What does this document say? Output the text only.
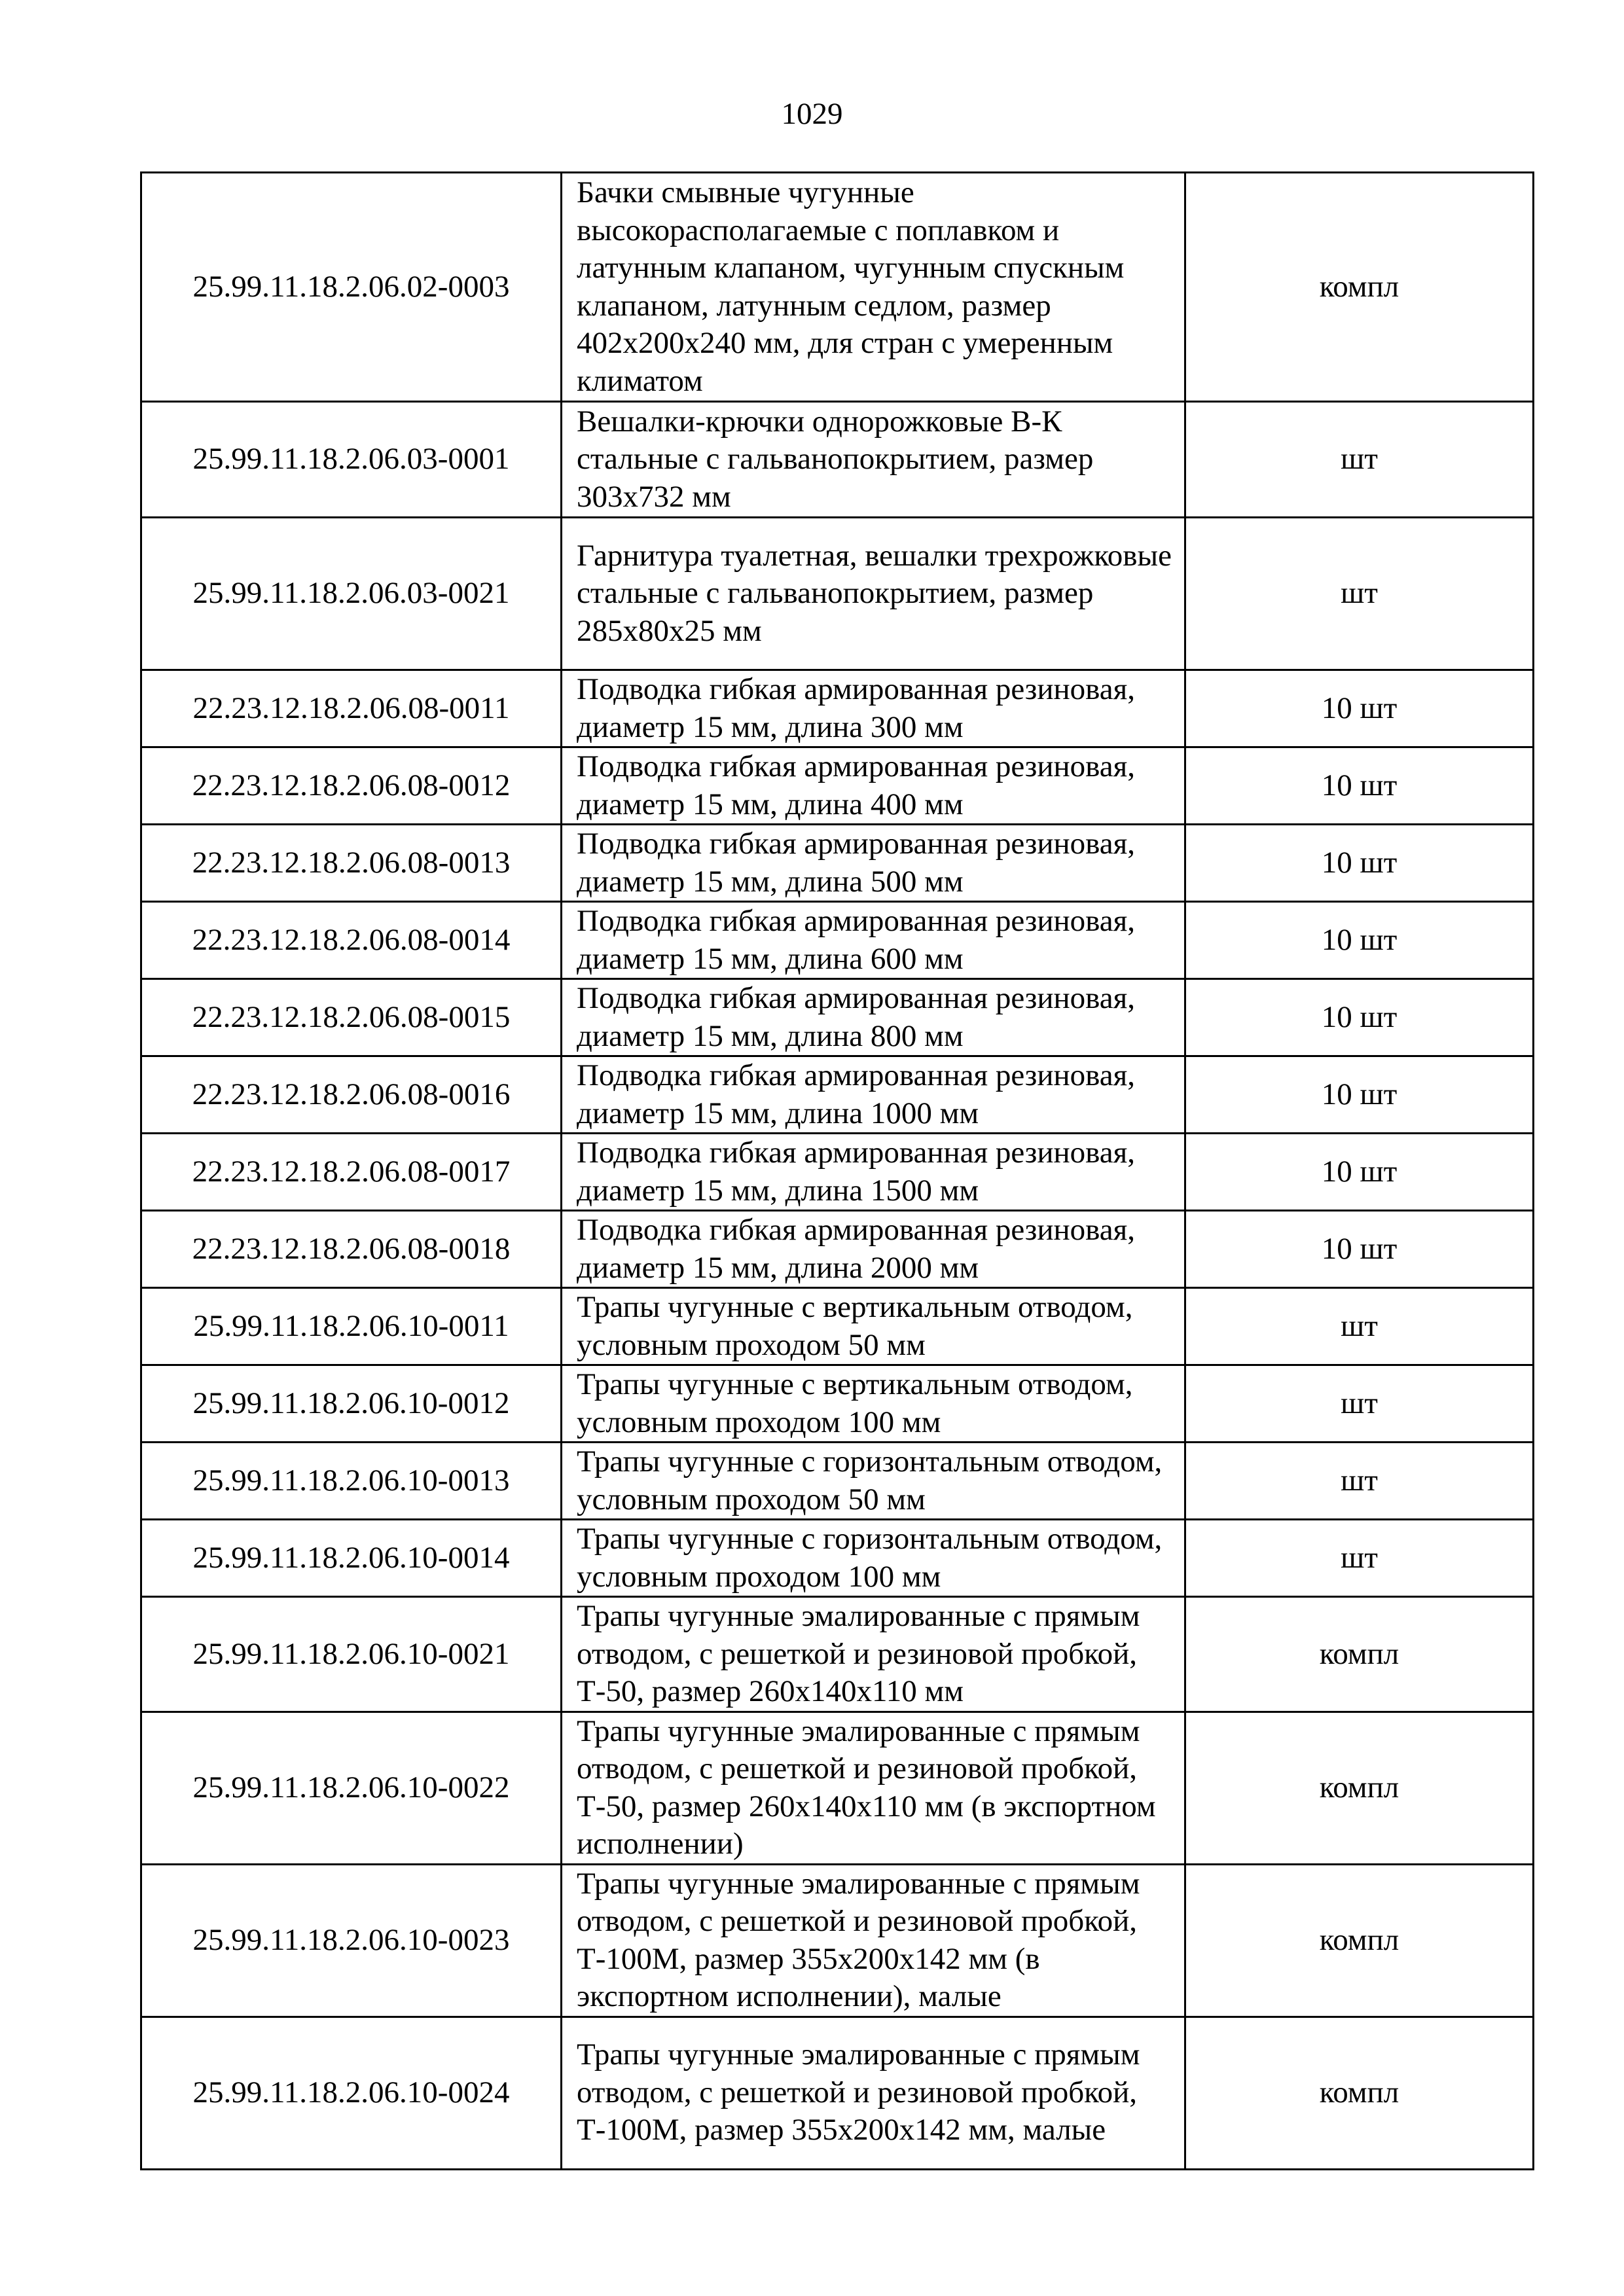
1029
25.99.11.18.2.06.02-0003	Бачки смывные чугунные высокорасполагаемые с поплавком и латунным клапаном, чугунным спускным клапаном, латунным седлом, размер 402х200х240 мм, для стран с умеренным климатом	компл
25.99.11.18.2.06.03-0001	Вешалки-крючки однорожковые В-К стальные с гальванопокрытием, размер 303х732 мм	шт
25.99.11.18.2.06.03-0021	Гарнитура туалетная, вешалки трехрожковые стальные с гальванопокрытием, размер 285х80х25 мм	шт
22.23.12.18.2.06.08-0011	Подводка гибкая армированная резиновая, диаметр 15 мм, длина 300 мм	10 шт
22.23.12.18.2.06.08-0012	Подводка гибкая армированная резиновая, диаметр 15 мм, длина 400 мм	10 шт
22.23.12.18.2.06.08-0013	Подводка гибкая армированная резиновая, диаметр 15 мм, длина 500 мм	10 шт
22.23.12.18.2.06.08-0014	Подводка гибкая армированная резиновая, диаметр 15 мм, длина 600 мм	10 шт
22.23.12.18.2.06.08-0015	Подводка гибкая армированная резиновая, диаметр 15 мм, длина 800 мм	10 шт
22.23.12.18.2.06.08-0016	Подводка гибкая армированная резиновая, диаметр 15 мм, длина 1000 мм	10 шт
22.23.12.18.2.06.08-0017	Подводка гибкая армированная резиновая, диаметр 15 мм, длина 1500 мм	10 шт
22.23.12.18.2.06.08-0018	Подводка гибкая армированная резиновая, диаметр 15 мм, длина 2000 мм	10 шт
25.99.11.18.2.06.10-0011	Трапы чугунные с вертикальным отводом, условным проходом 50 мм	шт
25.99.11.18.2.06.10-0012	Трапы чугунные с вертикальным отводом, условным проходом 100 мм	шт
25.99.11.18.2.06.10-0013	Трапы чугунные с горизонтальным отводом, условным проходом 50 мм	шт
25.99.11.18.2.06.10-0014	Трапы чугунные с горизонтальным отводом, условным проходом 100 мм	шт
25.99.11.18.2.06.10-0021	Трапы чугунные эмалированные с прямым отводом, с решеткой и резиновой пробкой, Т-50, размер 260х140х110 мм	компл
25.99.11.18.2.06.10-0022	Трапы чугунные эмалированные с прямым отводом, с решеткой и резиновой пробкой, Т-50, размер 260х140х110 мм (в экспортном исполнении)	компл
25.99.11.18.2.06.10-0023	Трапы чугунные эмалированные с прямым отводом, с решеткой и резиновой пробкой, Т-100М, размер 355х200х142 мм (в экспортном исполнении), малые	компл
25.99.11.18.2.06.10-0024	Трапы чугунные эмалированные с прямым отводом, с решеткой и резиновой пробкой, Т-100М, размер 355х200х142 мм, малые	компл
